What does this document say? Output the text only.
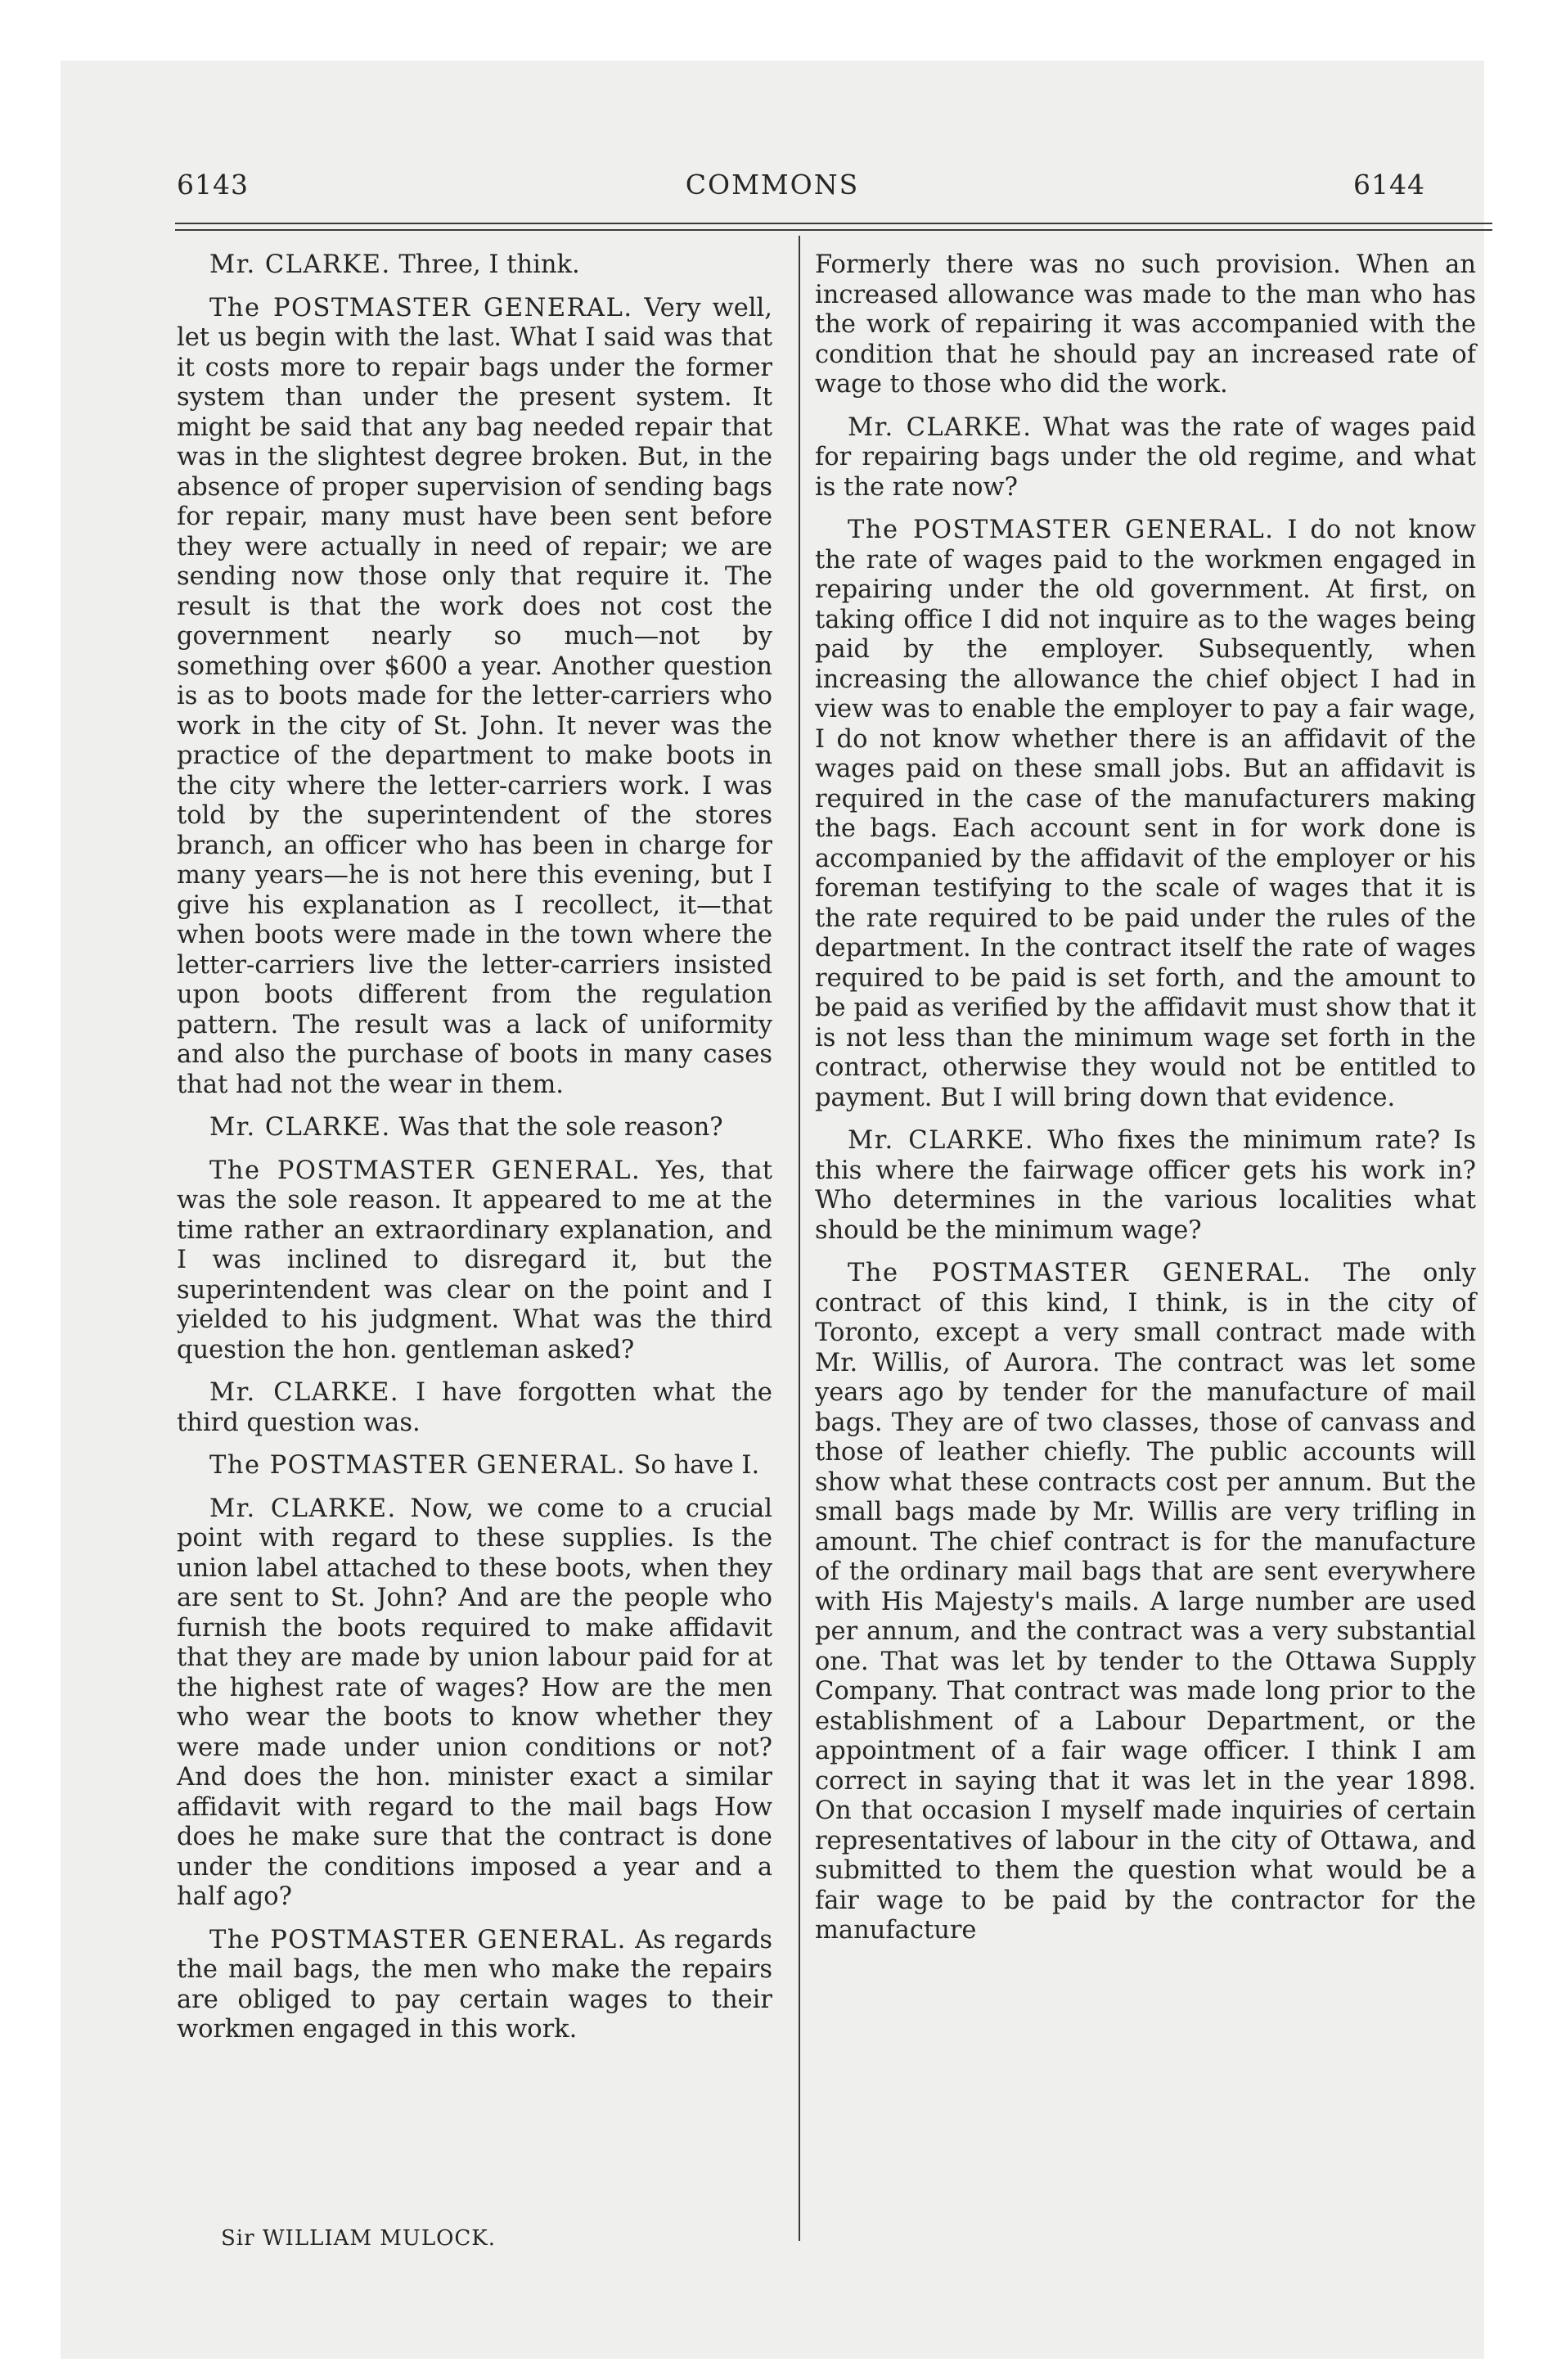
6143	COMMONS	6144

Mr. CLARKE. Three, I think.

The POSTMASTER GENERAL. Very well, let us begin with the last. What I said was that it costs more to repair bags under the former system than under the present system. It might be said that any bag needed repair that was in the slightest degree broken. But, in the absence of proper supervision of sending bags for repair, many must have been sent before they were actually in need of repair; we are sending now those only that require it. The result is that the work does not cost the government nearly so much—not by something over $600 a year. Another question is as to boots made for the letter-carriers who work in the city of St. John. It never was the practice of the department to make boots in the city where the letter-carriers work. I was told by the superintendent of the stores branch, an officer who has been in charge for many years—he is not here this evening, but I give his explanation as I recollect, it—that when boots were made in the town where the letter-carriers live the letter-carriers insisted upon boots different from the regulation pattern. The result was a lack of uniformity and also the purchase of boots in many cases that had not the wear in them.

Mr. CLARKE. Was that the sole reason?

The POSTMASTER GENERAL. Yes, that was the sole reason. It appeared to me at the time rather an extraordinary explanation, and I was inclined to disregard it, but the superintendent was clear on the point and I yielded to his judgment. What was the third question the hon. gentleman asked?

Mr. CLARKE. I have forgotten what the third question was.

The POSTMASTER GENERAL. So have I.

Mr. CLARKE. Now, we come to a crucial point with regard to these supplies. Is the union label attached to these boots, when they are sent to St. John? And are the people who furnish the boots required to make affidavit that they are made by union labour paid for at the highest rate of wages? How are the men who wear the boots to know whether they were made under union conditions or not? And does the hon. minister exact a similar affidavit with regard to the mail bags How does he make sure that the contract is done under the conditions imposed a year and a half ago?

The POSTMASTER GENERAL. As regards the mail bags, the men who make the repairs are obliged to pay certain wages to their workmen engaged in this work.

Formerly there was no such provision. When an increased allowance was made to the man who has the work of repairing it was accompanied with the condition that he should pay an increased rate of wage to those who did the work.

Mr. CLARKE. What was the rate of wages paid for repairing bags under the old regime, and what is the rate now?

The POSTMASTER GENERAL. I do not know the rate of wages paid to the workmen engaged in repairing under the old government. At first, on taking office I did not inquire as to the wages being paid by the employer. Subsequently, when increasing the allowance the chief object I had in view was to enable the employer to pay a fair wage, I do not know whether there is an affidavit of the wages paid on these small jobs. But an affidavit is required in the case of the manufacturers making the bags. Each account sent in for work done is accompanied by the affidavit of the employer or his foreman testifying to the scale of wages that it is the rate required to be paid under the rules of the department. In the contract itself the rate of wages required to be paid is set forth, and the amount to be paid as verified by the affidavit must show that it is not less than the minimum wage set forth in the contract, otherwise they would not be entitled to payment. But I will bring down that evidence.

Mr. CLARKE. Who fixes the minimum rate? Is this where the fairwage officer gets his work in? Who determines in the various localities what should be the minimum wage?

The POSTMASTER GENERAL. The only contract of this kind, I think, is in the city of Toronto, except a very small contract made with Mr. Willis, of Aurora. The contract was let some years ago by tender for the manufacture of mail bags. They are of two classes, those of canvass and those of leather chiefly. The public accounts will show what these contracts cost per annum. But the small bags made by Mr. Willis are very trifling in amount. The chief contract is for the manufacture of the ordinary mail bags that are sent everywhere with His Majesty's mails. A large number are used per annum, and the contract was a very substantial one. That was let by tender to the Ottawa Supply Company. That contract was made long prior to the establishment of a Labour Department, or the appointment of a fair wage officer. I think I am correct in saying that it was let in the year 1898. On that occasion I myself made inquiries of certain representatives of labour in the city of Ottawa, and submitted to them the question what would be a fair wage to be paid by the contractor for the manufacture

Sir WILLIAM MULOCK.
